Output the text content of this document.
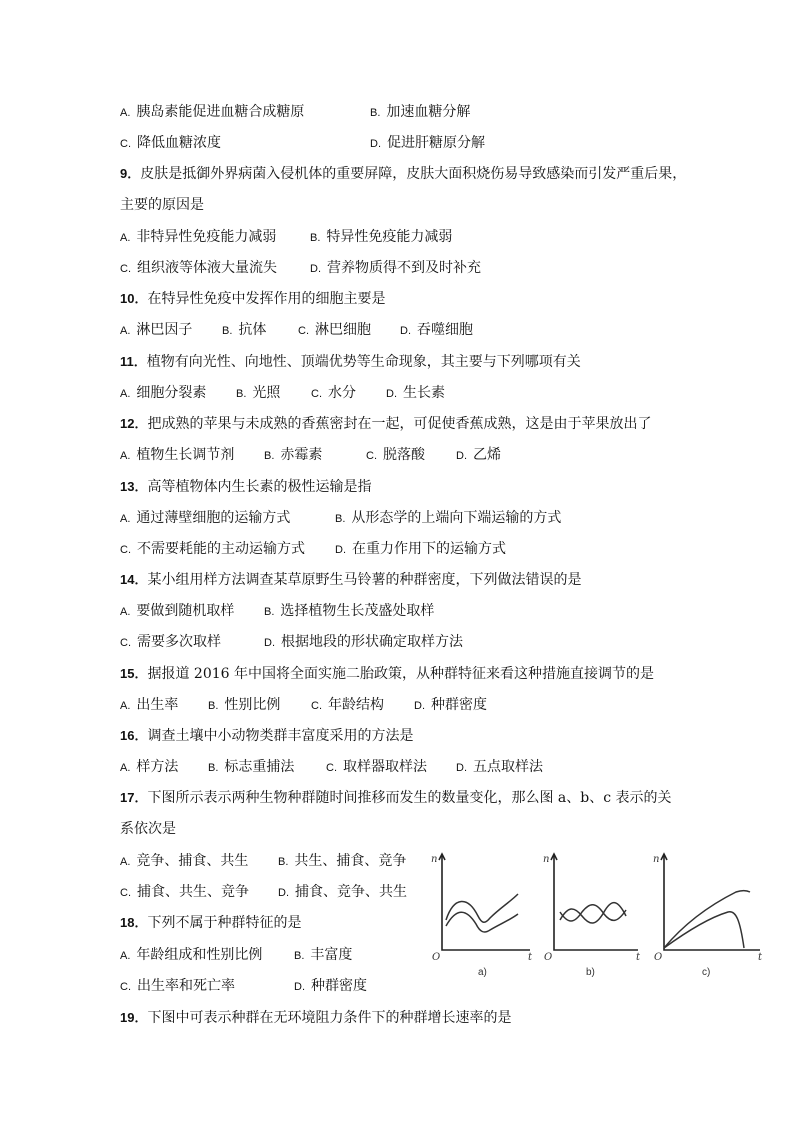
A. 胰岛素能促进血糖合成糖原	B. 加速血糖分解
C. 降低血糖浓度	D. 促进肝糖原分解
9．皮肤是抵御外界病菌入侵机体的重要屏障，皮肤大面积烧伤易导致感染而引发严重后果，
主要的原因是
A. 非特异性免疫能力减弱	B. 特异性免疫能力减弱
C. 组织液等体液大量流失	D. 营养物质得不到及时补充
10．在特异性免疫中发挥作用的细胞主要是
A. 淋巴因子	B. 抗体	C. 淋巴细胞	D. 吞噬细胞
11．植物有向光性、向地性、顶端优势等生命现象，其主要与下列哪项有关
A. 细胞分裂素	B. 光照	C. 水分	D. 生长素
12．把成熟的苹果与未成熟的香蕉密封在一起，可促使香蕉成熟，这是由于苹果放出了
A. 植物生长调节剂	B. 赤霉素	C. 脱落酸	D. 乙烯
13．高等植物体内生长素的极性运输是指
A. 通过薄壁细胞的运输方式	B. 从形态学的上端向下端运输的方式
C. 不需要耗能的主动运输方式	D. 在重力作用下的运输方式
14．某小组用样方法调查某草原野生马铃薯的种群密度，下列做法错误的是
A. 要做到随机取样	B. 选择植物生长茂盛处取样
C. 需要多次取样	D. 根据地段的形状确定取样方法
15．据报道 2016 年中国将全面实施二胎政策，从种群特征来看这种措施直接调节的是
A. 出生率	B. 性别比例	C. 年龄结构	D. 种群密度
16．调查土壤中小动物类群丰富度采用的方法是
A. 样方法	B. 标志重捕法	C. 取样器取样法	D. 五点取样法
17．下图所示表示两种生物种群随时间推移而发生的数量变化，那么图 a、b、c 表示的关
系依次是
A. 竞争、捕食、共生	B. 共生、捕食、竞争
C. 捕食、共生、竞争	D. 捕食、竞争、共生
18．下列不属于种群特征的是
A. 年龄组成和性别比例	B. 丰富度
C. 出生率和死亡率	D. 种群密度
19．下图中可表示种群在无环境阻力条件下的种群增长速率的是
n
O	t
a)
n
O	t
b)
n
O	t
c)
